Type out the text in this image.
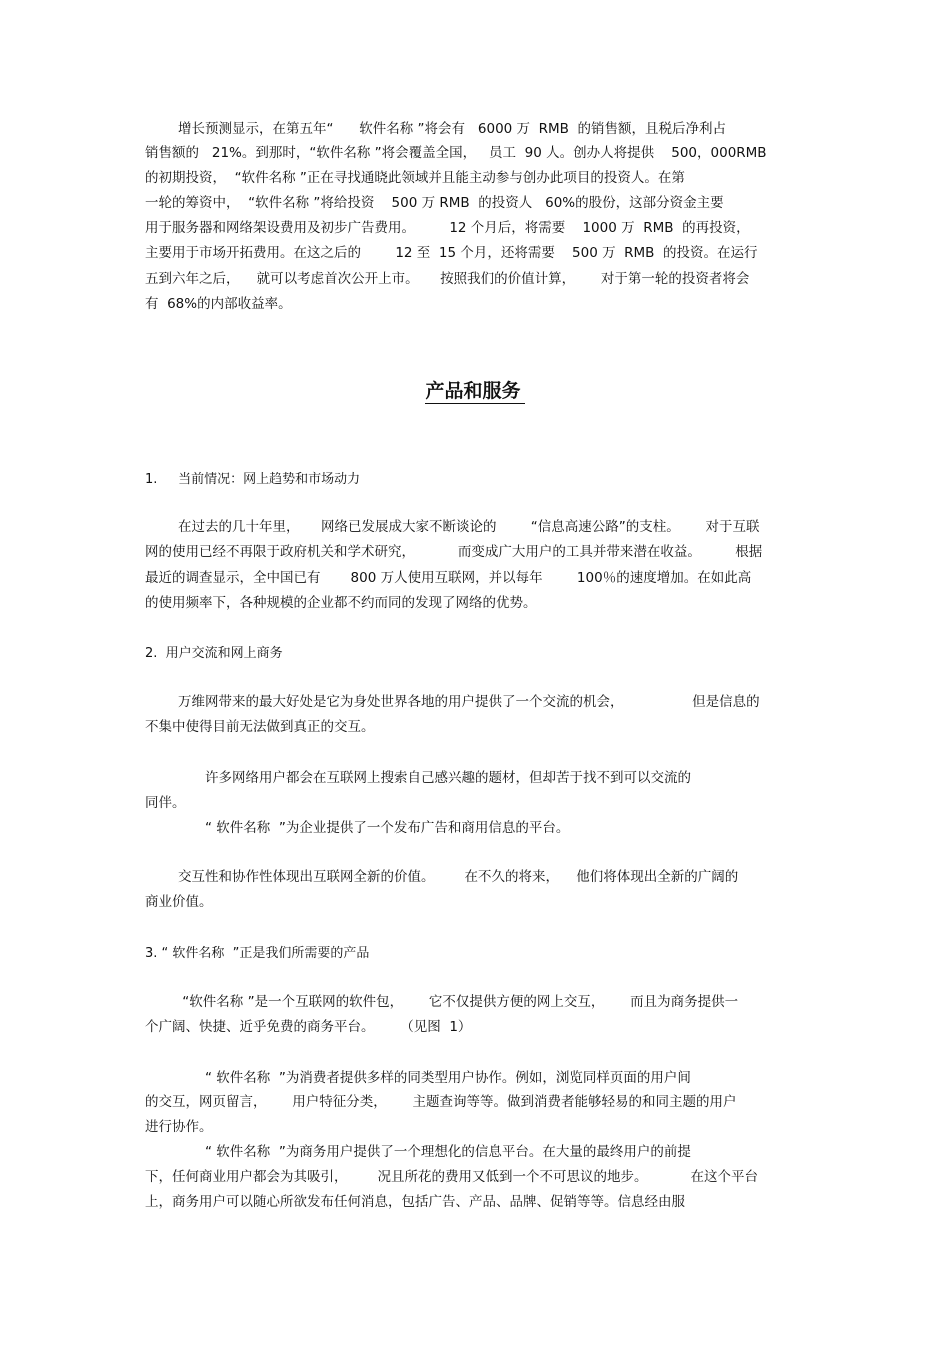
增长预测显示，在第五年“      软件名称 ”将会有   6000 万  RMB  的销售额，且税后净利占

销售额的   21%。到那时，“软件名称 ”将会覆盖全国，   员工  90 人。创办人将提供    500，000RMB

的初期投资，  “软件名称 ”正在寻找通晓此领域并且能主动参与创办此项目的投资人。在第

一轮的筹资中，  “软件名称 ”将给投资    500 万 RMB  的投资人   60%的股份，这部分资金主要

用于服务器和网络架设费用及初步广告费用。        12 个月后，将需要    1000 万  RMB  的再投资，

主要用于市场开拓费用。在这之后的        12 至  15 个月，还将需要    500 万  RMB  的投资。在运行

五到六年之后，    就可以考虑首次公开上市。     按照我们的价值计算，      对于第一轮的投资者将会

有  68%的内部收益率。

产品和服务

1.     当前情况：网上趋势和市场动力

在过去的几十年里，     网络已发展成大家不断谈论的        “信息高速公路”的支柱。      对于互联

网的使用已经不再限于政府机关和学术研究，          而变成广大用户的工具并带来潜在收益。        根据

最近的调查显示，全中国已有       800 万人使用互联网，并以每年        100％的速度增加。在如此高

的使用频率下，各种规模的企业都不约而同的发现了网络的优势。

2.  用户交流和网上商务

万维网带来的最大好处是它为身处世界各地的用户提供了一个交流的机会，                但是信息的

不集中使得目前无法做到真正的交互。

许多网络用户都会在互联网上搜索自己感兴趣的题材，但却苦于找不到可以交流的

同伴。

“ 软件名称  ”为企业提供了一个发布广告和商用信息的平台。

交互性和协作性体现出互联网全新的价值。       在不久的将来，    他们将体现出全新的广阔的

商业价值。

3. “ 软件名称  ”正是我们所需要的产品

“软件名称 ”是一个互联网的软件包，      它不仅提供方便的网上交互，      而且为商务提供一

个广阔、快捷、近乎免费的商务平台。      （见图  1）

“ 软件名称  ”为消费者提供多样的同类型用户协作。例如，浏览同样页面的用户间

的交互，网页留言，      用户特征分类，      主题查询等等。做到消费者能够轻易的和同主题的用户

进行协作。

“ 软件名称  ”为商务用户提供了一个理想化的信息平台。在大量的最终用户的前提

下，任何商业用户都会为其吸引，       况且所花的费用又低到一个不可思议的地步。          在这个平台

上，商务用户可以随心所欲发布任何消息，包括广告、产品、品牌、促销等等。信息经由服
